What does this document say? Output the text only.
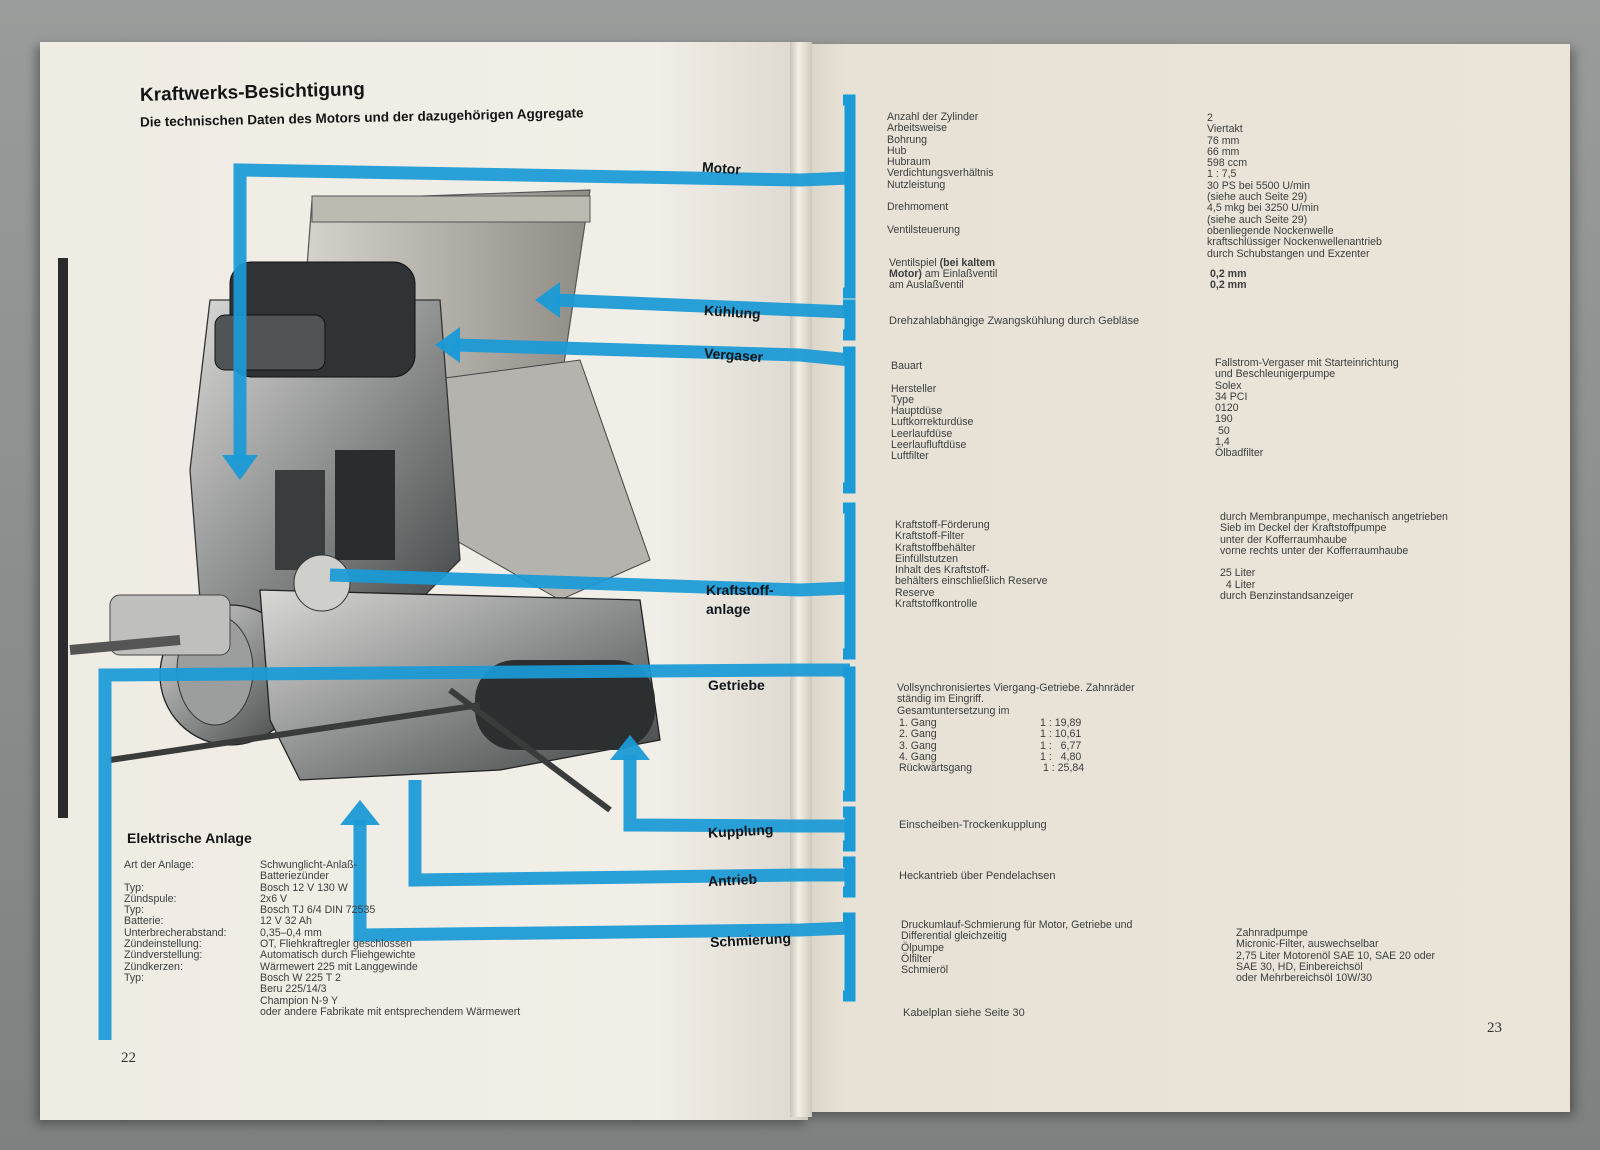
Kraftwerks-Besichtigung
Die technischen Daten des Motors und der dazugehörigen Aggregate
Motor
Kühlung
Vergaser
Kraftstoff-
anlage
Getriebe
Kupplung
Antrieb
Schmierung
Elektrische Anlage
Art der Anlage:

Typ:
Zündspule:
Typ:
Batterie:
Unterbrecherabstand:
Zündeinstellung:
Zündverstellung:
Zündkerzen:
Typ:
Schwunglicht-Anlaß-
Batteriezünder
Bosch 12 V 130 W
2x6 V
Bosch TJ 6/4 DIN 72535
12 V 32 Ah
0,35–0,4 mm
OT, Fliehkraftregler geschlossen
Automatisch durch Fliehgewichte
Wärmewert 225 mit Langgewinde
Bosch W 225 T 2
Beru 225/14/3
Champion N-9 Y
oder andere Fabrikate mit entsprechendem Wärmewert
22
Anzahl der Zylinder
Arbeitsweise
Bohrung
Hub
Hubraum
Verdichtungsverhältnis
Nutzleistung

Drehmoment

Ventilsteuerung
2
Viertakt
76 mm
66 mm
598 ccm
1 : 7,5
30 PS bei 5500 U/min
(siehe auch Seite 29)
4,5 mkg bei 3250 U/min
(siehe auch Seite 29)
obenliegende Nockenwelle
kraftschlüssiger Nockenwellenantrieb
durch Schubstangen und Exzenter
Ventilspiel (bei kaltem
Motor) am Einlaßventil
am Auslaßventil
0,2 mm
0,2 mm
Drehzahlabhängige Zwangskühlung durch Gebläse
Bauart

Hersteller
Type
Hauptdüse
Luftkorrekturdüse
Leerlaufdüse
Leerlaufluftdüse
Luftfilter
Fallstrom-Vergaser mit Starteinrichtung
und Beschleunigerpumpe
Solex
34 PCI
0120
190
50
1,4
Ölbadfilter
Kraftstoff-Förderung
Kraftstoff-Filter
Kraftstoffbehälter
Einfüllstutzen
Inhalt des Kraftstoff-
behälters einschließlich Reserve
Reserve
Kraftstoffkontrolle
durch Membranpumpe, mechanisch angetrieben
Sieb im Deckel der Kraftstoffpumpe
unter der Kofferraumhaube
vorne rechts unter der Kofferraumhaube

25 Liter
4 Liter
durch Benzinstandsanzeiger
Vollsynchronisiertes Viergang-Getriebe. Zahnräder
ständig im Eingriff.
Gesamtuntersetzung im
1. Gang
2. Gang
3. Gang
4. Gang
Rückwärtsgang
1 : 19,89
1 : 10,61
1 :   6,77
1 :   4,80
1 : 25,84
Einscheiben-Trockenkupplung
Heckantrieb über Pendelachsen
Druckumlauf-Schmierung für Motor, Getriebe und
Differential gleichzeitig
Ölpumpe
Ölfilter
Schmieröl
Zahnradpumpe
Micronic-Filter, auswechselbar
2,75 Liter Motorenöl SAE 10, SAE 20 oder
SAE 30, HD, Einbereichsöl
oder Mehrbereichsöl 10W/30
Kabelplan siehe Seite 30
23
